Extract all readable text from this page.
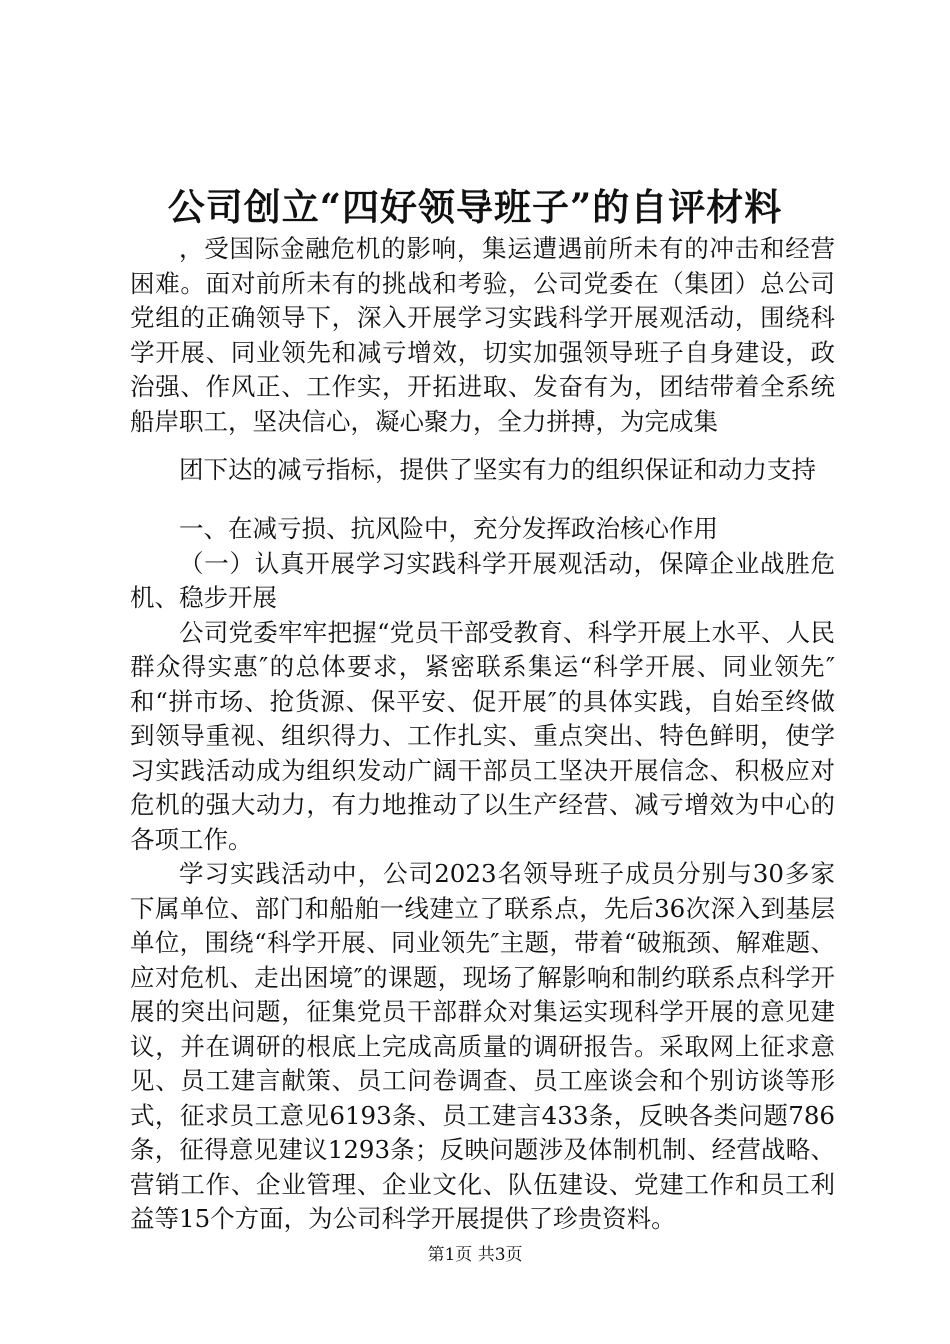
公司创立“四好领导班子”的自评材料

，受国际金融危机的影响，集运遭遇前所未有的冲击和经营困难。面对前所未有的挑战和考验，公司党委在（集团）总公司党组的正确领导下，深入开展学习实践科学开展观活动，围绕科学开展、同业领先和减亏增效，切实加强领导班子自身建设，政治强、作风正、工作实，开拓进取、发奋有为，团结带着全系统船岸职工，坚决信心，凝心聚力，全力拼搏，为完成集

团下达的减亏指标，提供了坚实有力的组织保证和动力支持

一、在减亏损、抗风险中，充分发挥政治核心作用

（一）认真开展学习实践科学开展观活动，保障企业战胜危机、稳步开展

公司党委牢牢把握“党员干部受教育、科学开展上水平、人民群众得实惠″的总体要求，紧密联系集运“科学开展、同业领先″和“拼市场、抢货源、保平安、促开展″的具体实践，自始至终做到领导重视、组织得力、工作扎实、重点突出、特色鲜明，使学习实践活动成为组织发动广阔干部员工坚决开展信念、积极应对危机的强大动力，有力地推动了以生产经营、减亏增效为中心的各项工作。

学习实践活动中，公司2023名领导班子成员分别与30多家下属单位、部门和船舶一线建立了联系点，先后36次深入到基层单位，围绕“科学开展、同业领先″主题，带着“破瓶颈、解难题、应对危机、走出困境″的课题，现场了解影响和制约联系点科学开展的突出问题，征集党员干部群众对集运实现科学开展的意见建议，并在调研的根底上完成高质量的调研报告。采取网上征求意见、员工建言献策、员工问卷调查、员工座谈会和个别访谈等形式，征求员工意见6193条、员工建言433条，反映各类问题786条，征得意见建议1293条；反映问题涉及体制机制、经营战略、营销工作、企业管理、企业文化、队伍建设、党建工作和员工利益等15个方面，为公司科学开展提供了珍贵资料。

第1页 共3页
